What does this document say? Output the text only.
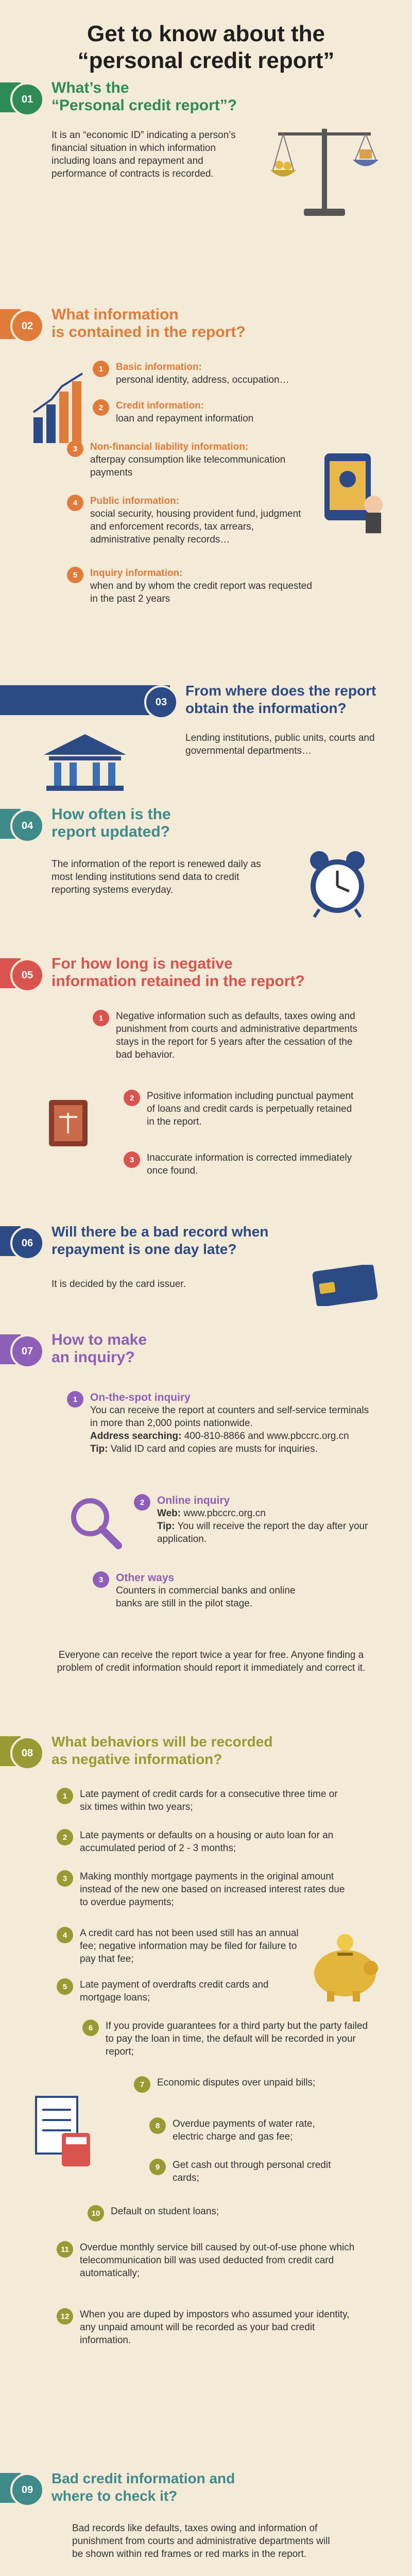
Get to know about the
“personal credit report”
01
What’s the
“Personal credit report”?
It is an “economic ID” indicating a person’s financial situation in which information including loans and repayment and performance of contracts is recorded.
02
What information
is contained in the report?
1	Basic information:
personal identity, address, occupation…
2	Credit information:
loan and repayment information
3	Non-financial liability information:
afterpay consumption like telecommunication payments
4	Public information:
social security, housing provident fund, judgment and enforcement records, tax arrears, administrative penalty records…
5	Inquiry information:
when and by whom the credit report was requested in the past 2 years
03
From where does the report
obtain the information?
Lending institutions, public units, courts and governmental departments…
04
How often is the
report updated?
The information of the report is renewed daily as most lending institutions send data to credit reporting systems everyday.
05
For how long is negative
information retained in the report?
1	Negative information such as defaults, taxes owing and punishment from courts and administrative departments stays in the report for 5 years after the cessation of the bad behavior.
2	Positive information including punctual payment of loans and credit cards is perpetually retained in the report.
3	Inaccurate information is corrected immediately once found.
06
Will there be a bad record when
repayment is one day late?
It is decided by the card issuer.
07
How to make
an inquiry?
1	On-the-spot inquiry
You can receive the report at counters and self-service terminals in more than 2,000 points nationwide.
Address searching: 400-810-8866 and www.pbccrc.org.cn
Tip: Valid ID card and copies are musts for inquiries.
2	Online inquiry
Web: www.pbccrc.org.cn
Tip: You will receive the report the day after your application.
3	Other ways
Counters in commercial banks and online banks are still in the pilot stage.
Everyone can receive the report twice a year for free. Anyone finding a problem of credit information should report it immediately and correct it.
08
What behaviors will be recorded
as negative information?
1	Late payment of credit cards for a consecutive three time or six times within two years;
2	Late payments or defaults on a housing or auto loan for an accumulated period of 2 - 3 months;
3	Making monthly mortgage payments in the original amount instead of the new one based on increased interest rates due to overdue payments;
4	A credit card has not been used still has an annual fee; negative information may be filed for failure to pay that fee;
5	Late payment of overdrafts credit cards and mortgage loans;
6	If you provide guarantees for a third party but the party failed to pay the loan in time, the default will be recorded in your report;
7	Economic disputes over unpaid bills;
8	Overdue payments of water rate, electric charge and gas fee;
9	Get cash out through personal credit cards;
10	Default on student loans;
11	Overdue monthly service bill caused by out-of-use phone which telecommunication bill was used deducted from credit card automatically;
12	When you are duped by impostors who assumed your identity, any unpaid amount will be recorded as your bad credit information.
09
Bad credit information and
where to check it?
Bad records like defaults, taxes owing and information of punishment from courts and administrative departments will be shown within red frames or red marks in the report.
